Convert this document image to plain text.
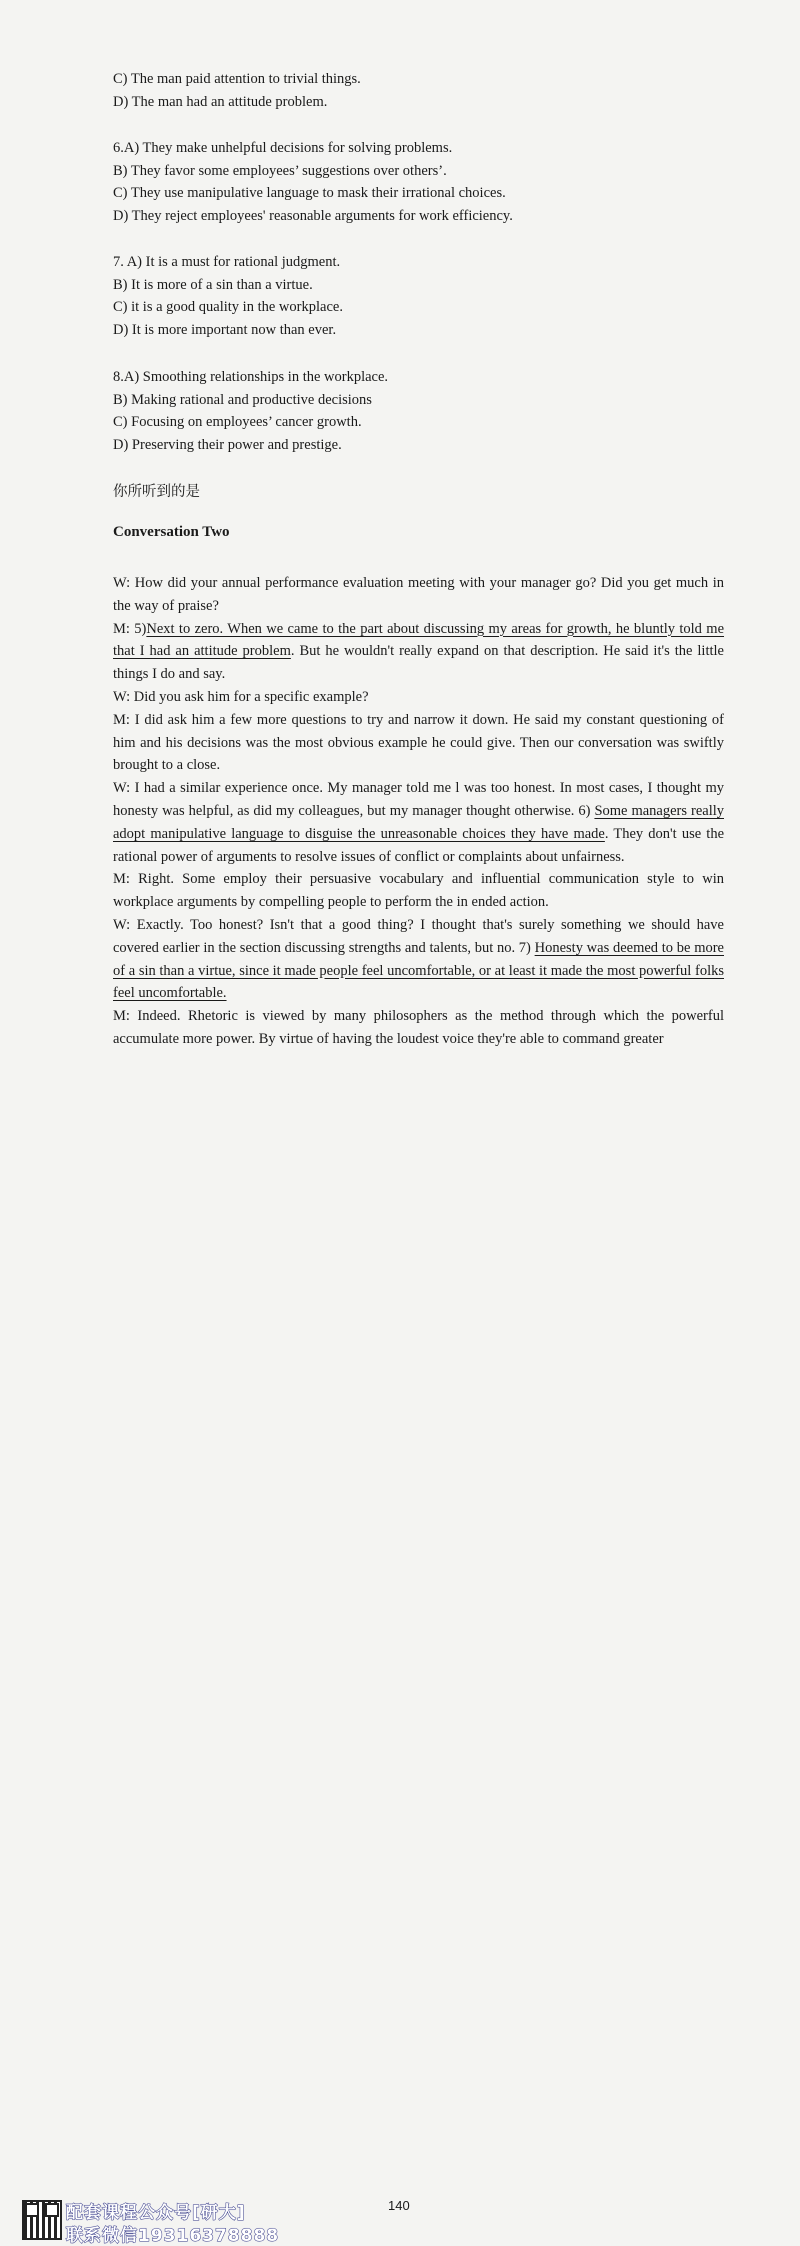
C) The man paid attention to trivial things.
D) The man had an attitude problem.
6.A) They make unhelpful decisions for solving problems.
B) They favor some employees’ suggestions over others’.
C) They use manipulative language to mask their irrational choices.
D) They reject employees' reasonable arguments for work efficiency.
7. A) It is a must for rational judgment.
B) It is more of a sin than a virtue.
C) it is a good quality in the workplace.
D) It is more important now than ever.
8.A) Smoothing relationships in the workplace.
B) Making rational and productive decisions
C) Focusing on employees’ cancer growth.
D) Preserving their power and prestige.
你所听到的是
Conversation Two

W: How did your annual performance evaluation meeting with your manager go? Did you get much in the way of praise?

M: 5)Next to zero. When we came to the part about discussing my areas for growth, he bluntly told me that I had an attitude problem. But he wouldn't really expand on that description. He said it's the little things I do and say.

W: Did you ask him for a specific example?

M: I did ask him a few more questions to try and narrow it down. He said my constant questioning of him and his decisions was the most obvious example he could give. Then our conversation was swiftly brought to a close.

W: I had a similar experience once. My manager told me l was too honest. In most cases, I thought my honesty was helpful, as did my colleagues, but my manager thought otherwise. 6) Some managers really adopt manipulative language to disguise the unreasonable choices they have made. They don't use the rational power of arguments to resolve issues of conflict or complaints about unfairness.

M: Right. Some employ their persuasive vocabulary and influential communication style to win workplace arguments by compelling people to perform the in ended action.

W: Exactly. Too honest? Isn't that a good thing? I thought that's surely something we should have covered earlier in the section discussing strengths and talents, but no. 7) Honesty was deemed to be more of a sin than a virtue, since it made people feel uncomfortable, or at least it made the most powerful folks feel uncomfortable.

M: Indeed. Rhetoric is viewed by many philosophers as the method through which the powerful accumulate more power. By virtue of having the loudest voice they're able to command greater

配套课程公众号[研大]
联系微信19316378888
140
